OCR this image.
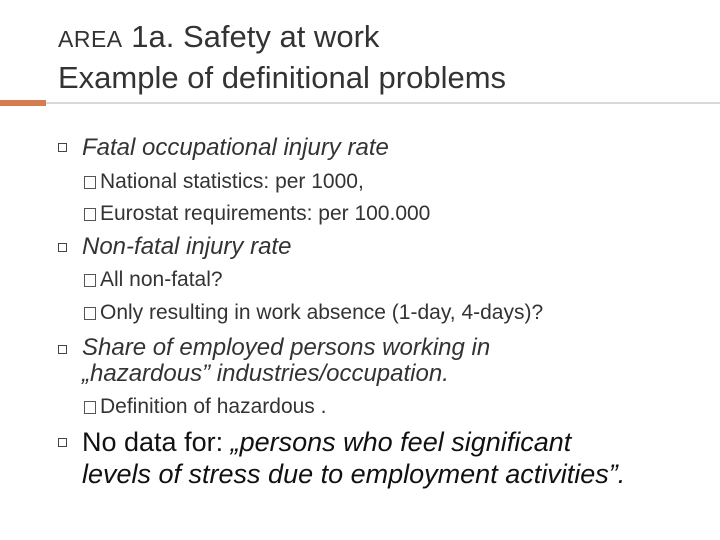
AREA 1a. Safety at work
Example of definitional problems
Fatal occupational injury rate
National statistics: per 1000,
Eurostat requirements: per 100.000
Non-fatal injury rate
All non-fatal?
Only resulting in work absence (1-day, 4-days)?
Share of employed persons working in
„hazardous” industries/occupation.
Definition of hazardous .
No data for: „persons who feel significant
levels of stress due to employment activities”.
